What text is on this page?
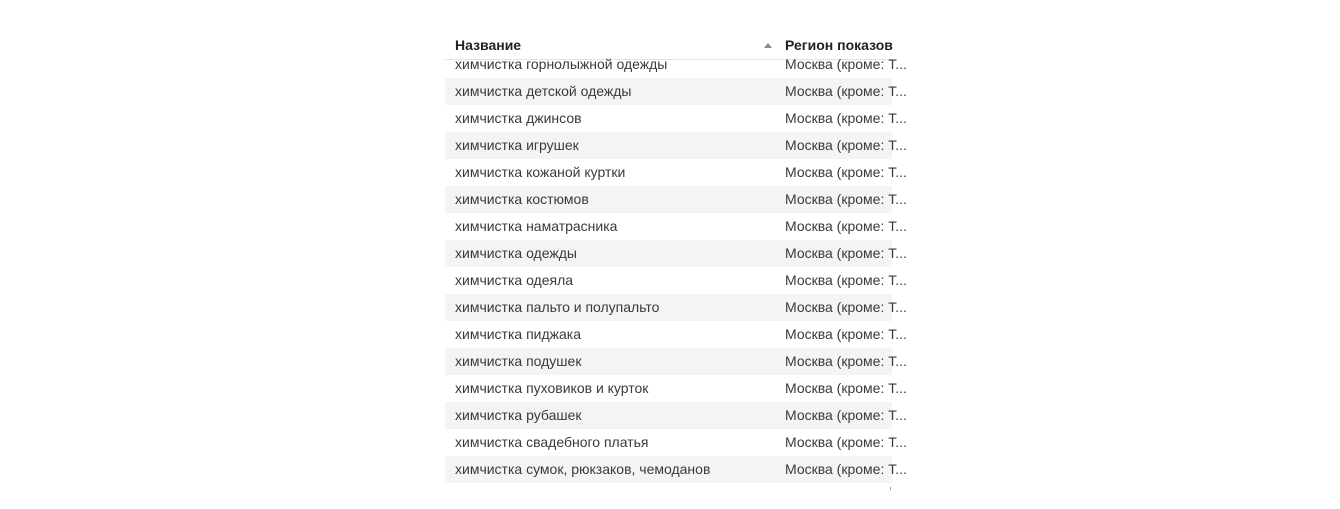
Название	Регион показов
химчистка горнолыжной одежды	Москва (кроме: Т...
химчистка детской одежды	Москва (кроме: Т...
химчистка джинсов	Москва (кроме: Т...
химчистка игрушек	Москва (кроме: Т...
химчистка кожаной куртки	Москва (кроме: Т...
химчистка костюмов	Москва (кроме: Т...
химчистка наматрасника	Москва (кроме: Т...
химчистка одежды	Москва (кроме: Т...
химчистка одеяла	Москва (кроме: Т...
химчистка пальто и полупальто	Москва (кроме: Т...
химчистка пиджака	Москва (кроме: Т...
химчистка подушек	Москва (кроме: Т...
химчистка пуховиков и курток	Москва (кроме: Т...
химчистка рубашек	Москва (кроме: Т...
химчистка свадебного платья	Москва (кроме: Т...
химчистка сумок, рюкзаков, чемоданов	Москва (кроме: Т...
